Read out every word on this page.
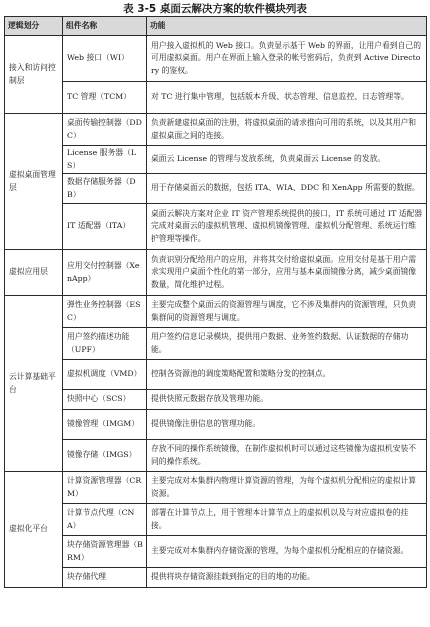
表 3-5 桌面云解决方案的软件模块列表
逻辑划分	组件名称	功能
接入和访问控制层	Web 接口（WI）	用户接入虚拟机的 Web 接口。负责显示基于 Web 的界面，让用户看到自己的可用虚拟桌面。用户在界面上输入登录的帐号密码后，负责到 Active Directory 的鉴权。
	TC 管理（TCM）	对 TC 进行集中管理，包括版本升级、状态管理、信息监控、日志管理等。
虚拟桌面管理层	桌面传输控制器（DDC）	负责新建虚拟桌面的注册，将虚拟桌面的请求推向可用的系统，以及其用户和虚拟桌面之间的连接。
	License 服务器（LS）	桌面云 License 的管理与发放系统，负责桌面云 License 的发放。
	数据存储服务器（DB）	用于存储桌面云的数据，包括 ITA、WIA、DDC 和 XenApp 所需要的数据。
	IT 适配器（ITA）	桌面云解决方案对企业 IT 资产管理系统提供的接口，IT 系统可通过 IT 适配器完成对桌面云的虚拟机管理、虚拟机镜像管理、虚拟机分配管理、系统运行维护管理等操作。
虚拟应用层	应用交付控制器（XenApp）	负责识别分配给用户的应用，并将其交付给虚拟桌面。应用交付是基于用户需求实现用户桌面个性化的第一部分，应用与基本桌面镜像分离，减少桌面镜像数量，简化维护过程。
云计算基础平台	弹性业务控制器（ESC）	主要完成整个桌面云的资源管理与调度，它不涉及集群内的资源管理，只负责集群间的资源管理与调度。
	用户签约描述功能（UPF）	用户签约信息记录模块，提供用户数据、业务签约数据、认证数据的存储功能。
	虚拟机调度（VMD）	控制各资源池的调度策略配置和策略分发的控制点。
	快照中心（SCS）	提供快照元数据存放及管理功能。
	镜像管理（IMGM）	提供镜像注册信息的管理功能。
	镜像存储（IMGS）	存放不同的操作系统镜像，在制作虚拟机时可以通过这些镜像为虚拟机安装不同的操作系统。
虚拟化平台	计算资源管理器（CRM）	主要完成对本集群内物理计算资源的管理，为每个虚拟机分配相应的虚拟计算资源。
	计算节点代理（CNA）	部署在计算节点上，用于管理本计算节点上的虚拟机以及与对应虚拟卷的挂接。
	块存储资源管理器（BRM）	主要完成对本集群内存储资源的管理，为每个虚拟机分配相应的存储资源。
	块存储代理	提供将块存储资源挂载到指定的目的地的功能。
